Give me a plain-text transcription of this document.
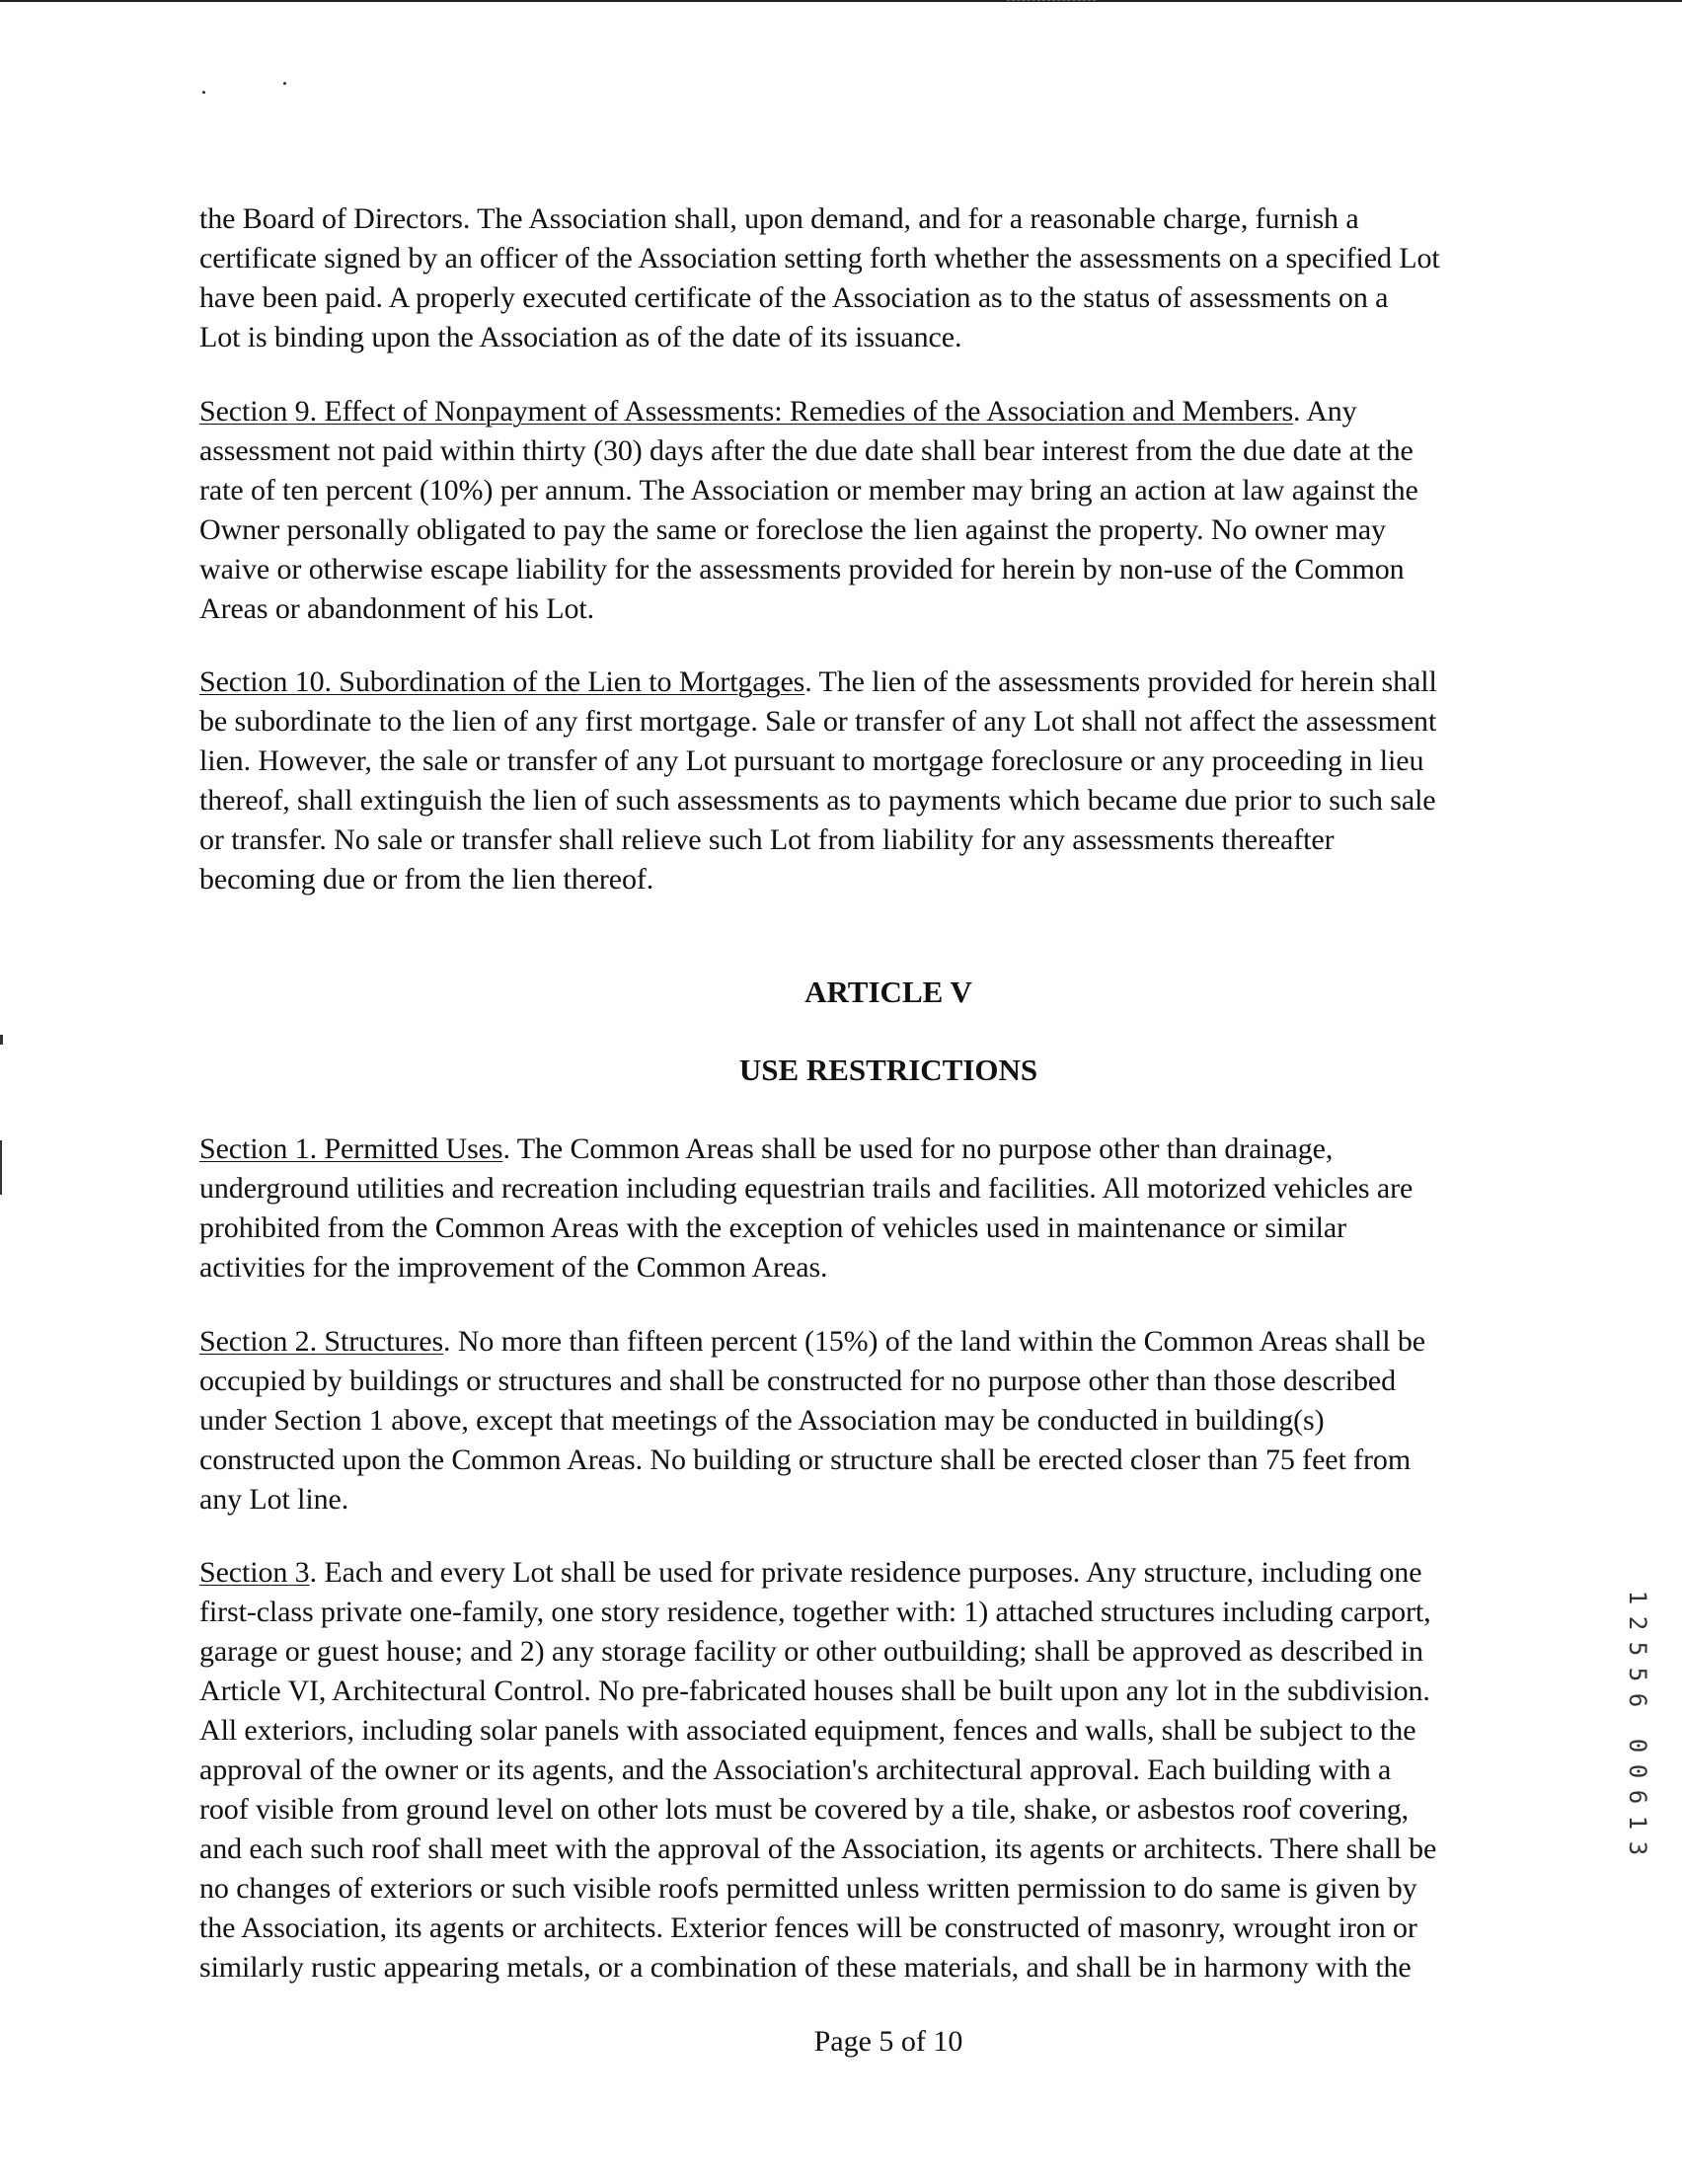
the Board of Directors. The Association shall, upon demand, and for a reasonable charge, furnish a
certificate signed by an officer of the Association setting forth whether the assessments on a specified Lot
have been paid. A properly executed certificate of the Association as to the status of assessments on a
Lot is binding upon the Association as of the date of its issuance.

Section 9. Effect of Nonpayment of Assessments: Remedies of the Association and Members. Any
assessment not paid within thirty (30) days after the due date shall bear interest from the due date at the
rate of ten percent (10%) per annum. The Association or member may bring an action at law against the
Owner personally obligated to pay the same or foreclose the lien against the property. No owner may
waive or otherwise escape liability for the assessments provided for herein by non-use of the Common
Areas or abandonment of his Lot.

Section 10. Subordination of the Lien to Mortgages. The lien of the assessments provided for herein shall
be subordinate to the lien of any first mortgage. Sale or transfer of any Lot shall not affect the assessment
lien. However, the sale or transfer of any Lot pursuant to mortgage foreclosure or any proceeding in lieu
thereof, shall extinguish the lien of such assessments as to payments which became due prior to such sale
or transfer. No sale or transfer shall relieve such Lot from liability for any assessments thereafter
becoming due or from the lien thereof.

ARTICLE V
USE RESTRICTIONS

Section 1. Permitted Uses. The Common Areas shall be used for no purpose other than drainage,
underground utilities and recreation including equestrian trails and facilities. All motorized vehicles are
prohibited from the Common Areas with the exception of vehicles used in maintenance or similar
activities for the improvement of the Common Areas.

Section 2. Structures. No more than fifteen percent (15%) of the land within the Common Areas shall be
occupied by buildings or structures and shall be constructed for no purpose other than those described
under Section 1 above, except that meetings of the Association may be conducted in building(s)
constructed upon the Common Areas. No building or structure shall be erected closer than 75 feet from
any Lot line.

Section 3. Each and every Lot shall be used for private residence purposes. Any structure, including one
first-class private one-family, one story residence, together with: 1) attached structures including carport,
garage or guest house; and 2) any storage facility or other outbuilding; shall be approved as described in
Article VI, Architectural Control. No pre-fabricated houses shall be built upon any lot in the subdivision.
All exteriors, including solar panels with associated equipment, fences and walls, shall be subject to the
approval of the owner or its agents, and the Association's architectural approval. Each building with a
roof visible from ground level on other lots must be covered by a tile, shake, or asbestos roof covering,
and each such roof shall meet with the approval of the Association, its agents or architects. There shall be
no changes of exteriors or such visible roofs permitted unless written permission to do same is given by
the Association, its agents or architects. Exterior fences will be constructed of masonry, wrought iron or
similarly rustic appearing metals, or a combination of these materials, and shall be in harmony with the

1
2
5
5
6
0
0
6
1
3
Page 5 of 10
